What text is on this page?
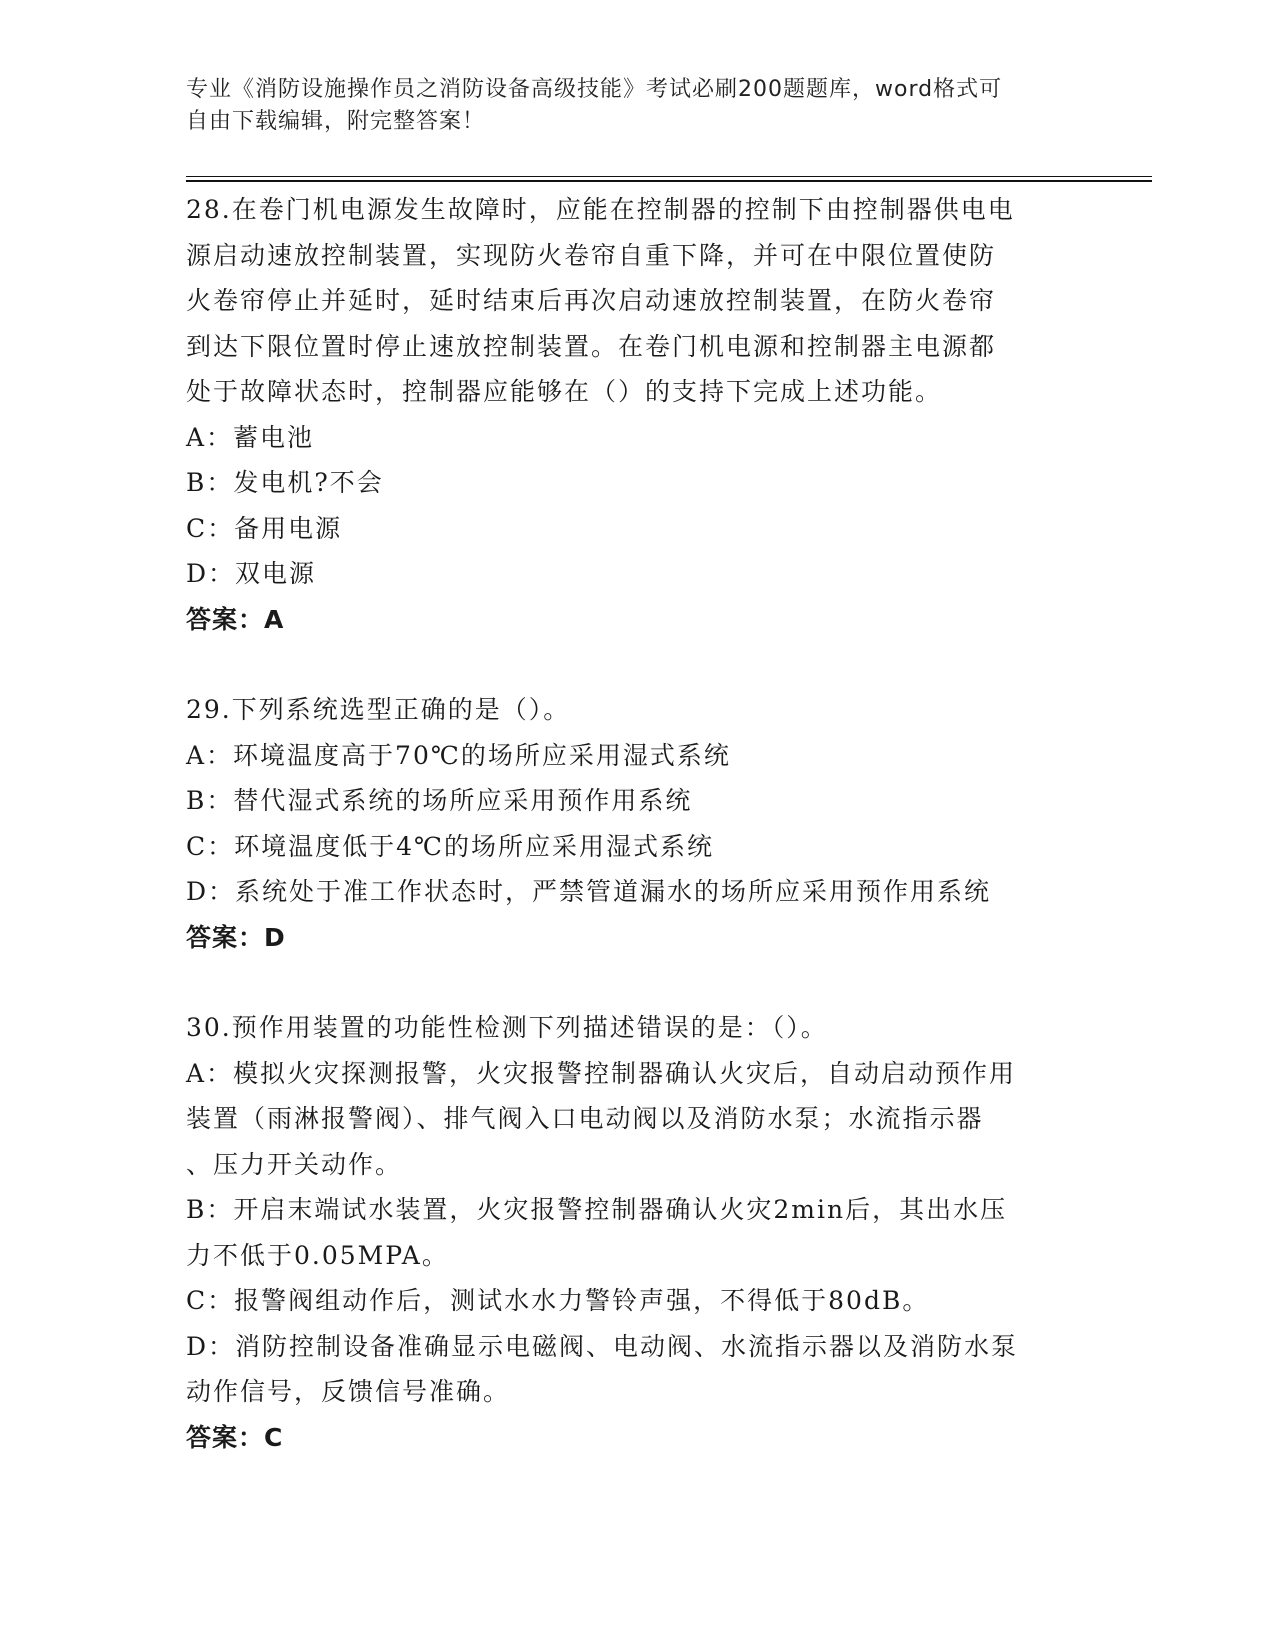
专业《消防设施操作员之消防设备高级技能》考试必刷200题题库，word格式可
自由下载编辑，附完整答案！
28.在卷门机电源发生故障时，应能在控制器的控制下由控制器供电电
源启动速放控制装置，实现防火卷帘自重下降，并可在中限位置使防
火卷帘停止并延时，延时结束后再次启动速放控制装置，在防火卷帘
到达下限位置时停止速放控制装置。在卷门机电源和控制器主电源都
处于故障状态时，控制器应能够在（）的支持下完成上述功能。
A：蓄电池
B：发电机?不会
C：备用电源
D：双电源
答案：A
29.下列系统选型正确的是（）。
A：环境温度高于70℃的场所应采用湿式系统
B：替代湿式系统的场所应采用预作用系统
C：环境温度低于4℃的场所应采用湿式系统
D：系统处于准工作状态时，严禁管道漏水的场所应采用预作用系统
答案：D
30.预作用装置的功能性检测下列描述错误的是：（）。
A：模拟火灾探测报警，火灾报警控制器确认火灾后，自动启动预作用
装置（雨淋报警阀）、排气阀入口电动阀以及消防水泵；水流指示器
、压力开关动作。
B：开启末端试水装置，火灾报警控制器确认火灾2min后，其出水压
力不低于0.05MPA。
C：报警阀组动作后，测试水水力警铃声强，不得低于80dB。
D：消防控制设备准确显示电磁阀、电动阀、水流指示器以及消防水泵
动作信号，反馈信号准确。
答案：C
